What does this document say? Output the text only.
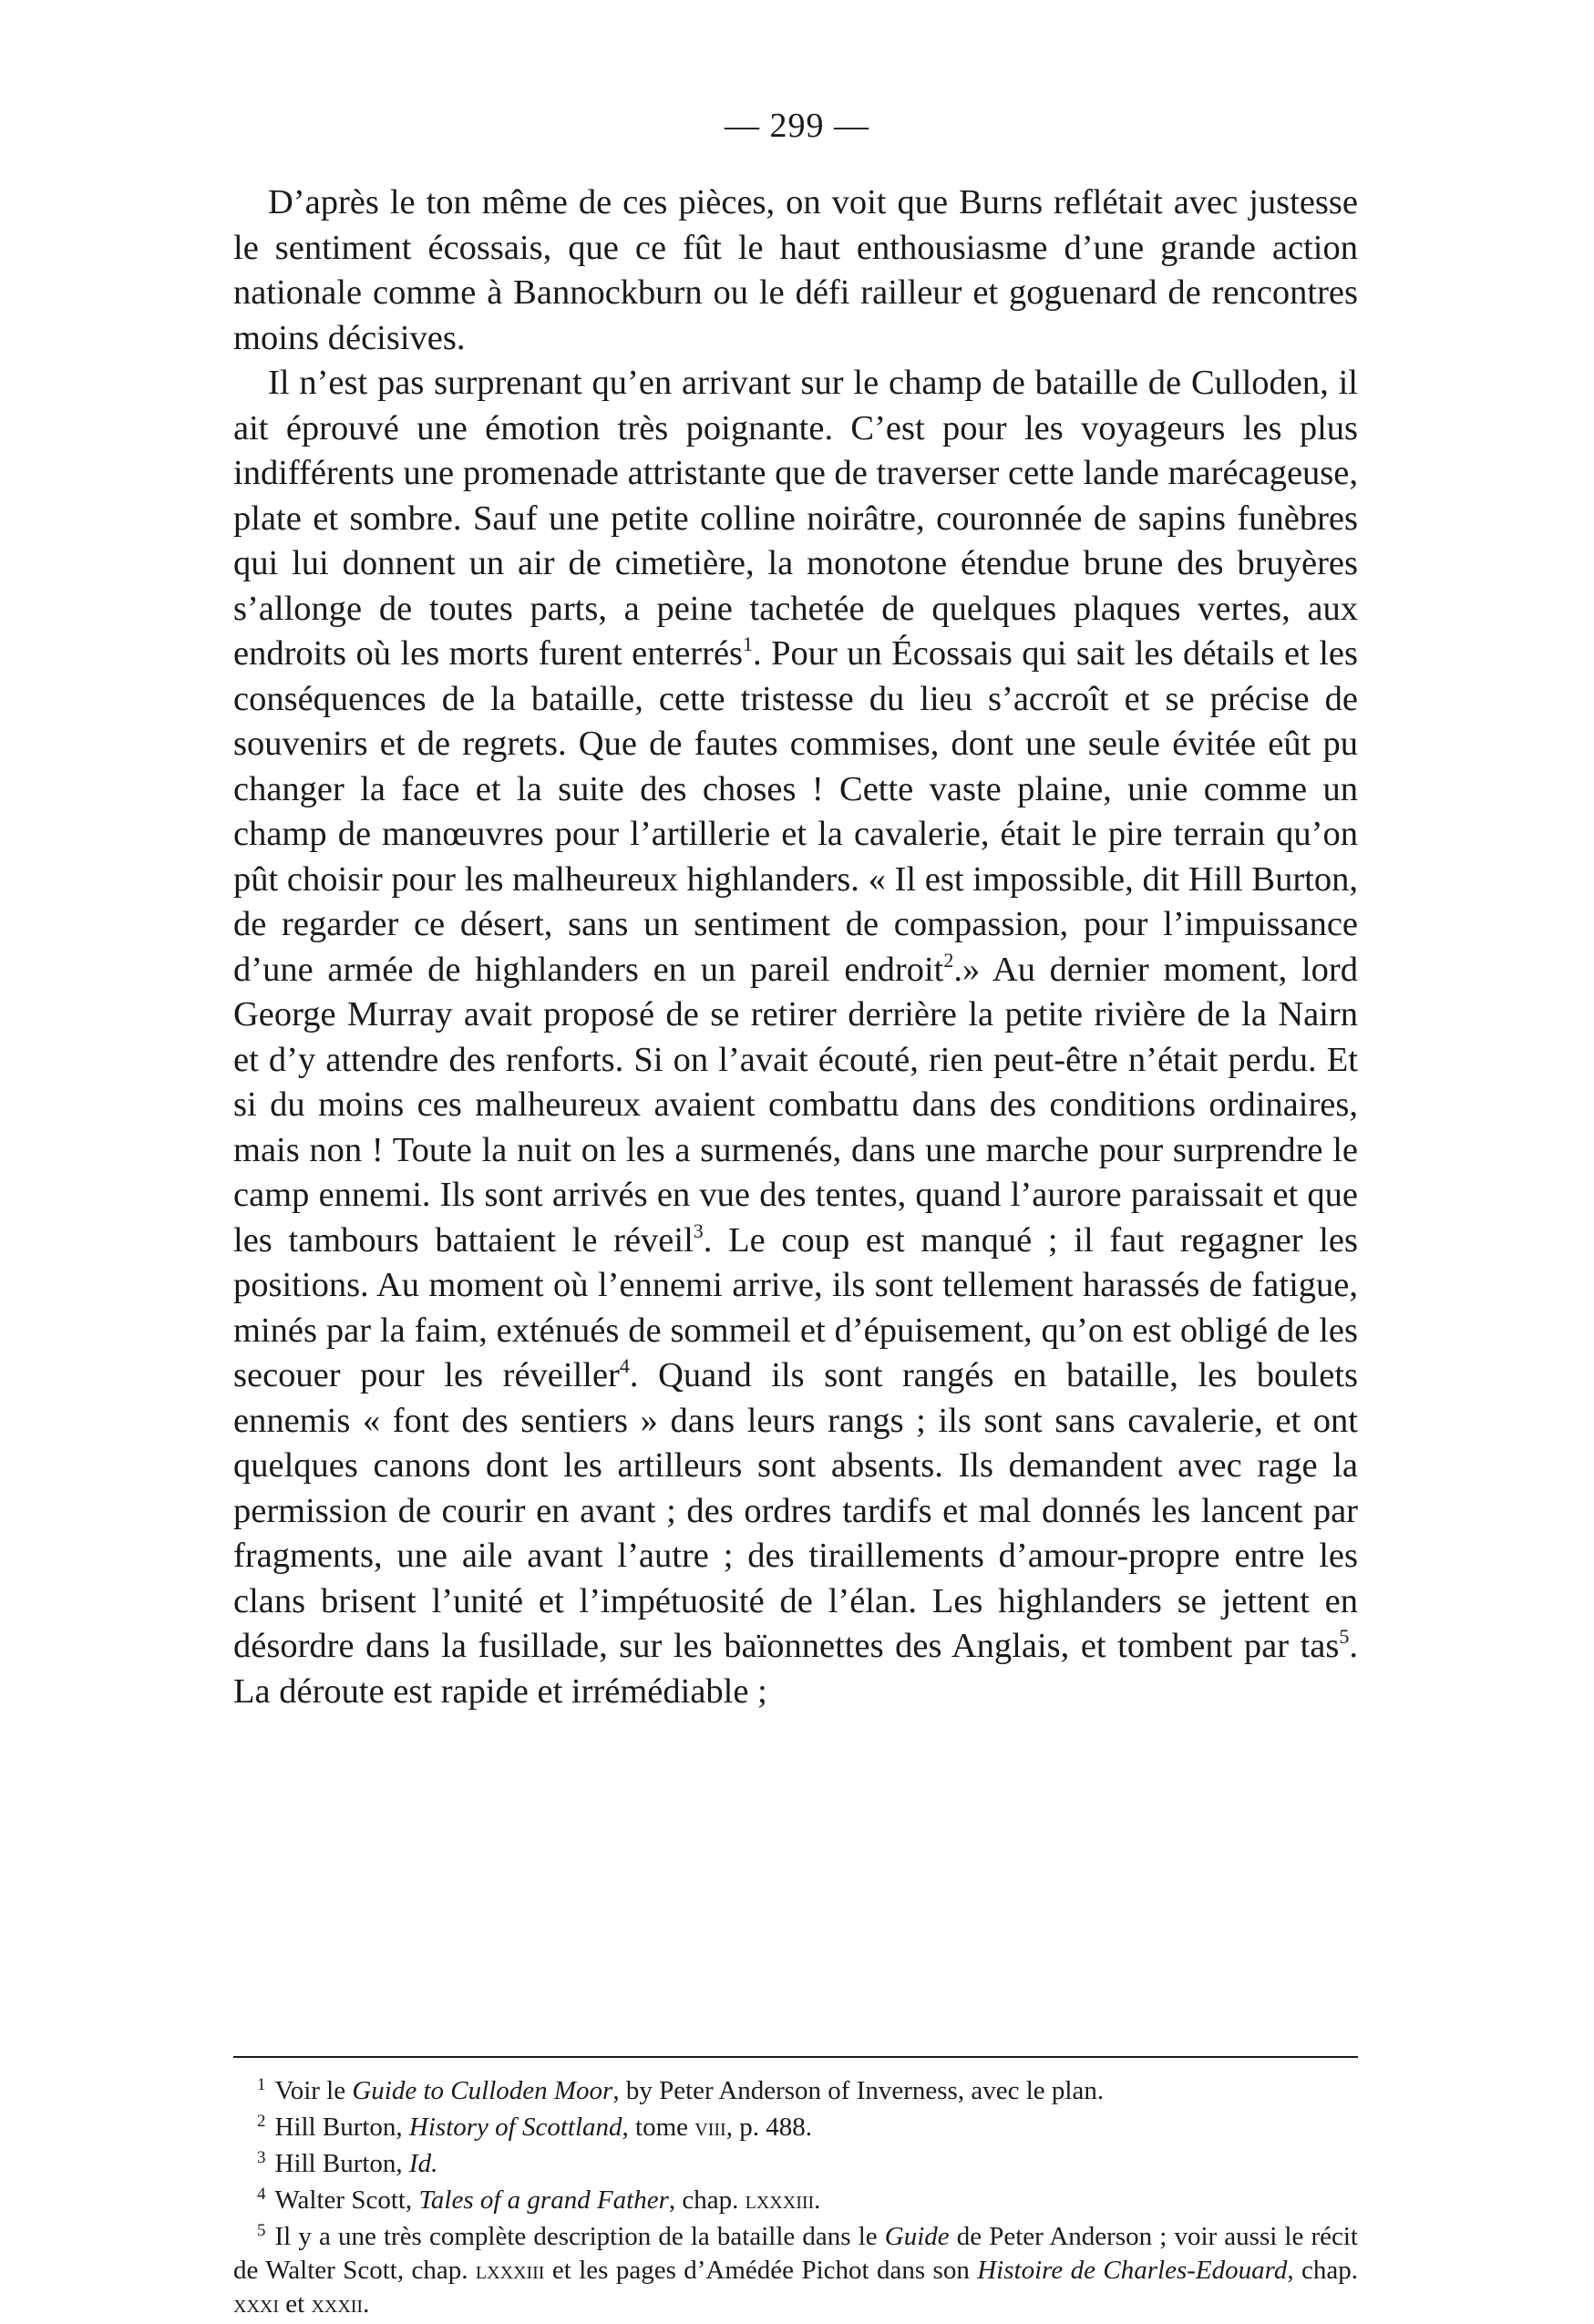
— 299 —

D’après le ton même de ces pièces, on voit que Burns reflétait avec justesse le sentiment écossais, que ce fût le haut enthousiasme d’une grande action nationale comme à Bannockburn ou le défi railleur et goguenard de rencontres moins décisives.

Il n’est pas surprenant qu’en arrivant sur le champ de bataille de Culloden, il ait éprouvé une émotion très poignante. C’est pour les voyageurs les plus indifférents une promenade attristante que de traverser cette lande marécageuse, plate et sombre. Sauf une petite colline noirâtre, couronnée de sapins funèbres qui lui donnent un air de cimetière, la monotone étendue brune des bruyères s’allonge de toutes parts, a peine tachetée de quelques plaques vertes, aux endroits où les morts furent enterrés$^1$. Pour un Écossais qui sait les détails et les conséquences de la bataille, cette tristesse du lieu s’accroît et se précise de souvenirs et de regrets. Que de fautes commises, dont une seule évitée eût pu changer la face et la suite des choses ! Cette vaste plaine, unie comme un champ de manœuvres pour l’artillerie et la cavalerie, était le pire terrain qu’on pût choisir pour les malheureux highlanders. « Il est impossible, dit Hill Burton, de regarder ce désert, sans un sentiment de compassion, pour l’impuissance d’une armée de highlanders en un pareil endroit$^2$.» Au dernier moment, lord George Murray avait proposé de se retirer derrière la petite rivière de la Nairn et d’y attendre des renforts. Si on l’avait écouté, rien peut-être n’était perdu. Et si du moins ces malheureux avaient combattu dans des conditions ordinaires, mais non ! Toute la nuit on les a surmenés, dans une marche pour surprendre le camp ennemi. Ils sont arrivés en vue des tentes, quand l’aurore paraissait et que les tambours battaient le réveil$^3$. Le coup est manqué ; il faut regagner les positions. Au moment où l’ennemi arrive, ils sont tellement harassés de fatigue, minés par la faim, exténués de sommeil et d’épuisement, qu’on est obligé de les secouer pour les réveiller$^4$. Quand ils sont rangés en bataille, les boulets ennemis « font des sentiers » dans leurs rangs ; ils sont sans cavalerie, et ont quelques canons dont les artilleurs sont absents. Ils demandent avec rage la permission de courir en avant ; des ordres tardifs et mal donnés les lancent par fragments, une aile avant l’autre ; des tiraillements d’amour-propre entre les clans brisent l’unité et l’impétuosité de l’élan. Les highlanders se jettent en désordre dans la fusillade, sur les baïonnettes des Anglais, et tombent par tas$^5$. La déroute est rapide et irrémédiable ;

$^1$ Voir le Guide to Culloden Moor, by Peter Anderson of Inverness, avec le plan.
$^2$ Hill Burton, History of Scottland, tome viii, p. 488.
$^3$ Hill Burton, Id.
$^4$ Walter Scott, Tales of a grand Father, chap. lxxxiii.
$^5$ Il y a une très complète description de la bataille dans le Guide de Peter Anderson ; voir aussi le récit de Walter Scott, chap. lxxxiii et les pages d’Amédée Pichot dans son Histoire de Charles-Edouard, chap. xxxi et xxxii.
